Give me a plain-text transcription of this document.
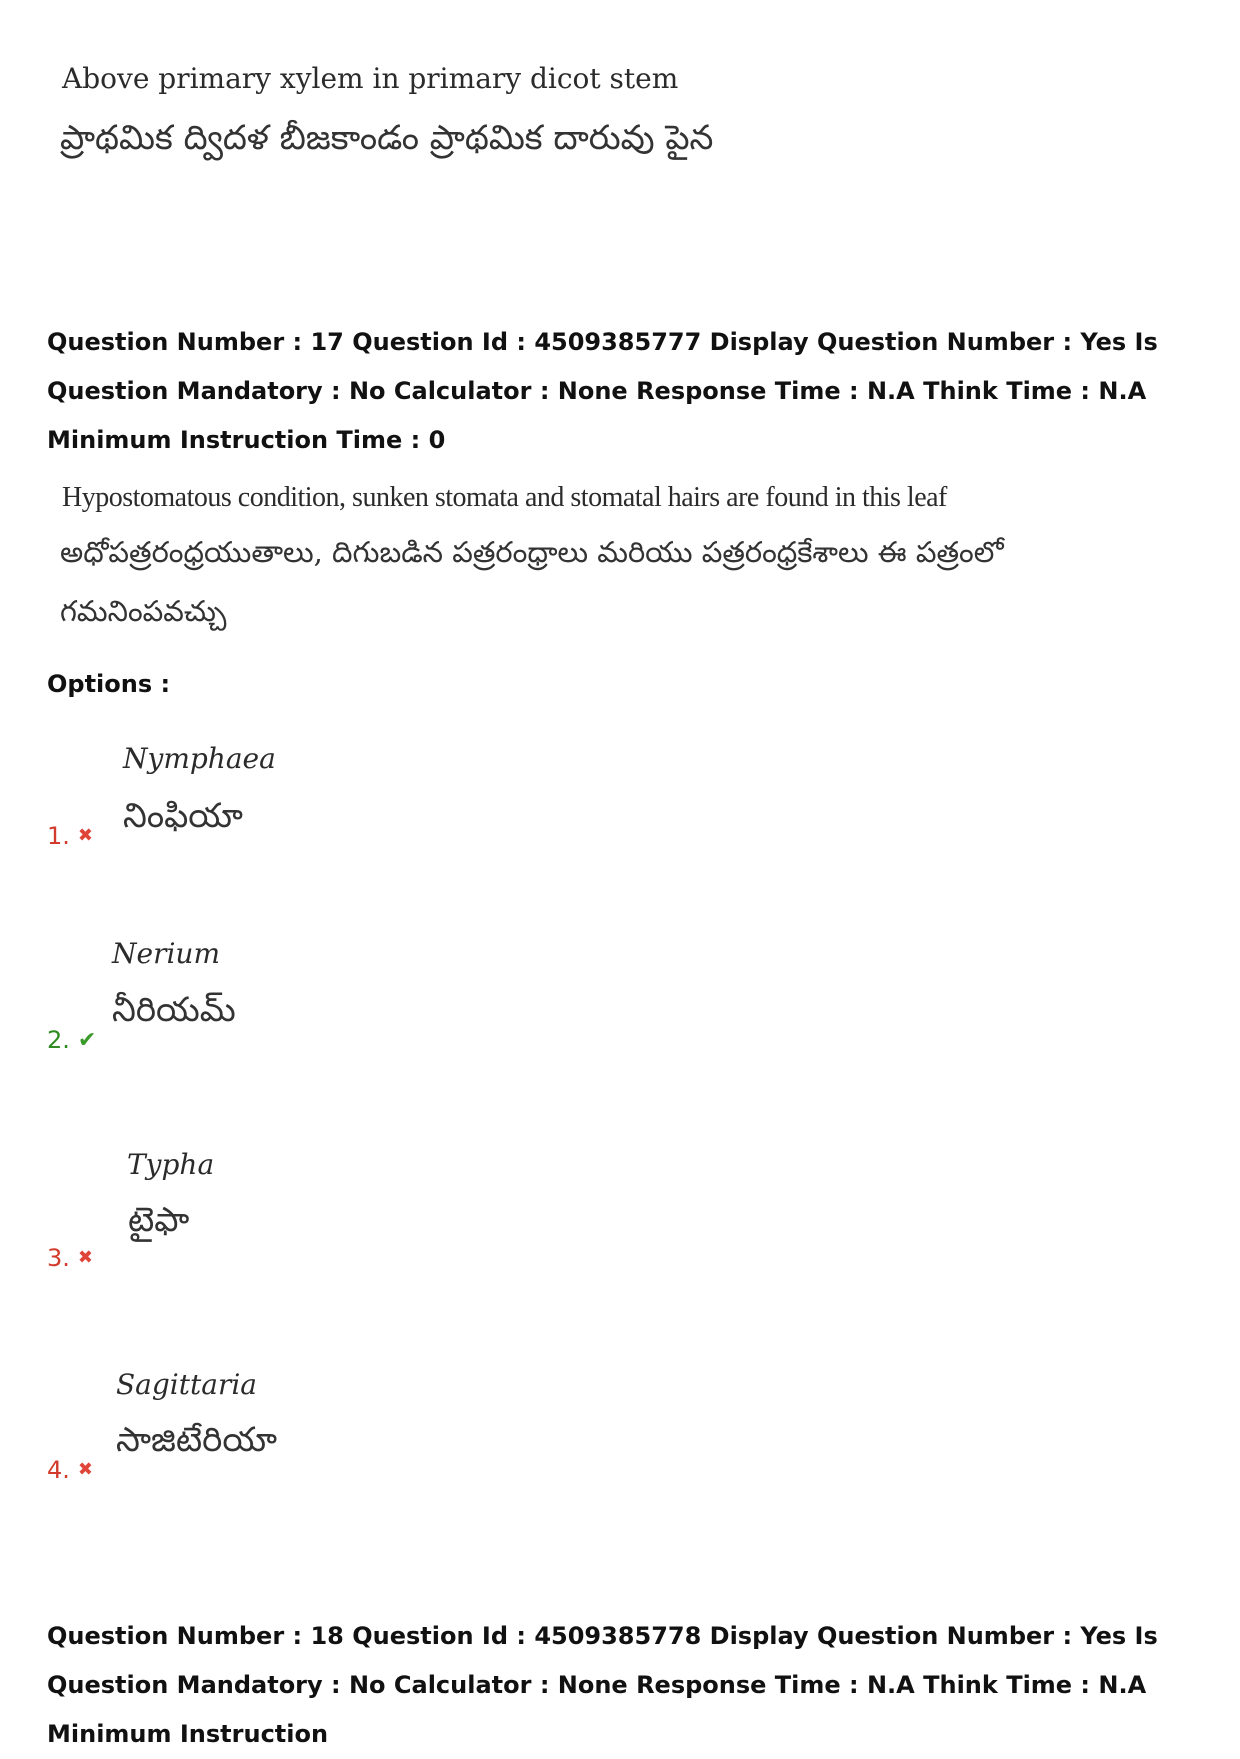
Above primary xylem in primary dicot stem
ప్రాథమిక ద్విదళ బీజకాండం ప్రాథమిక దారువు పైన
Question Number : 17 Question Id : 4509385777 Display Question Number : Yes Is Question Mandatory : No Calculator : None Response Time : N.A Think Time : N.A Minimum Instruction Time : 0
Hypostomatous condition, sunken stomata and stomatal hairs are found in this leaf
అధోపత్రరంధ్రయుతాలు, దిగుబడిన పత్రరంధ్రాలు మరియు పత్రరంధ్రకేశాలు ఈ పత్రంలో
గమనింపవచ్చు
Options :
Nymphaea
నింఫియా
1. ✖
Nerium
నీరియమ్
2. ✔
Typha
టైఫా
3. ✖
Sagittaria
సాజిటేరియా
4. ✖
Question Number : 18 Question Id : 4509385778 Display Question Number : Yes Is Question Mandatory : No Calculator : None Response Time : N.A Think Time : N.A Minimum Instruction
